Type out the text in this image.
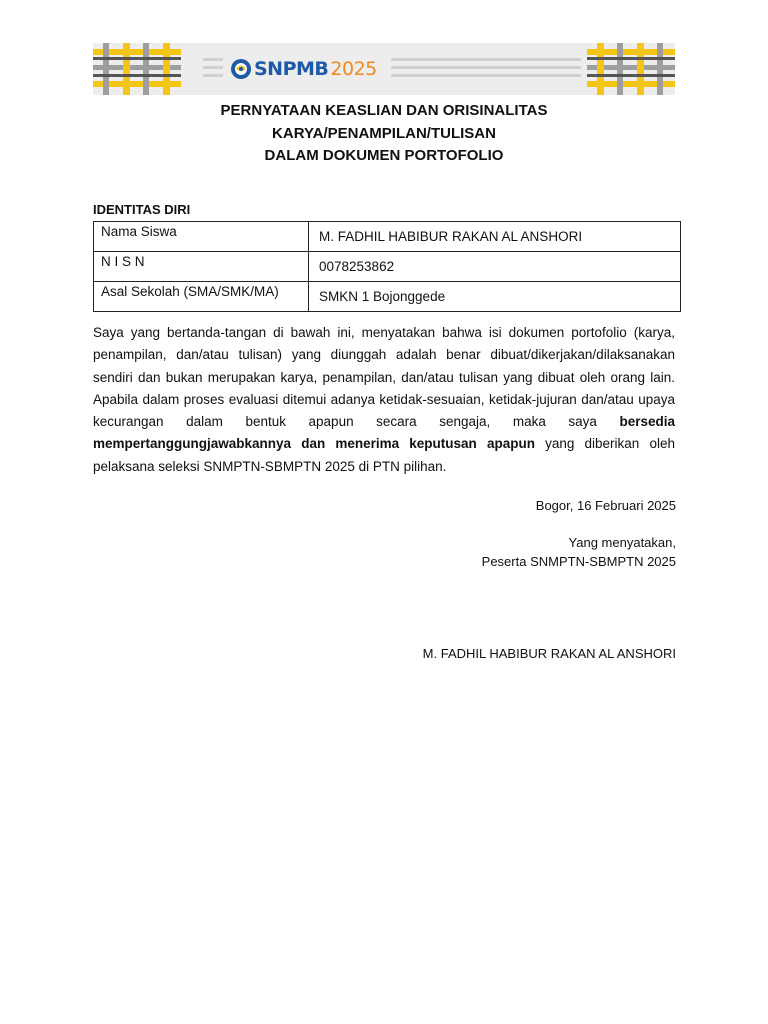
SNPMB 2025
PERNYATAAN KEASLIAN DAN ORISINALITAS
KARYA/PENAMPILAN/TULISAN
DALAM DOKUMEN PORTOFOLIO
IDENTITAS DIRI
Nama Siswa	M. FADHIL HABIBUR RAKAN AL ANSHORI
N I S N	0078253862
Asal Sekolah (SMA/SMK/MA)	SMKN 1 Bojonggede
Saya yang bertanda-tangan di bawah ini, menyatakan bahwa isi dokumen portofolio (karya, penampilan, dan/atau tulisan) yang diunggah adalah benar dibuat/dikerjakan/dilaksanakan sendiri dan bukan merupakan karya, penampilan, dan/atau tulisan yang dibuat oleh orang lain. Apabila dalam proses evaluasi ditemui adanya ketidak-sesuaian, ketidak-jujuran dan/atau upaya kecurangan dalam bentuk apapun secara sengaja, maka saya bersedia mempertanggungjawabkannya dan menerima keputusan apapun yang diberikan oleh pelaksana seleksi SNMPTN-SBMPTN 2025 di PTN pilihan.
Bogor, 16 Februari 2025
Yang menyatakan,
Peserta SNMPTN-SBMPTN 2025
M. FADHIL HABIBUR RAKAN AL ANSHORI
